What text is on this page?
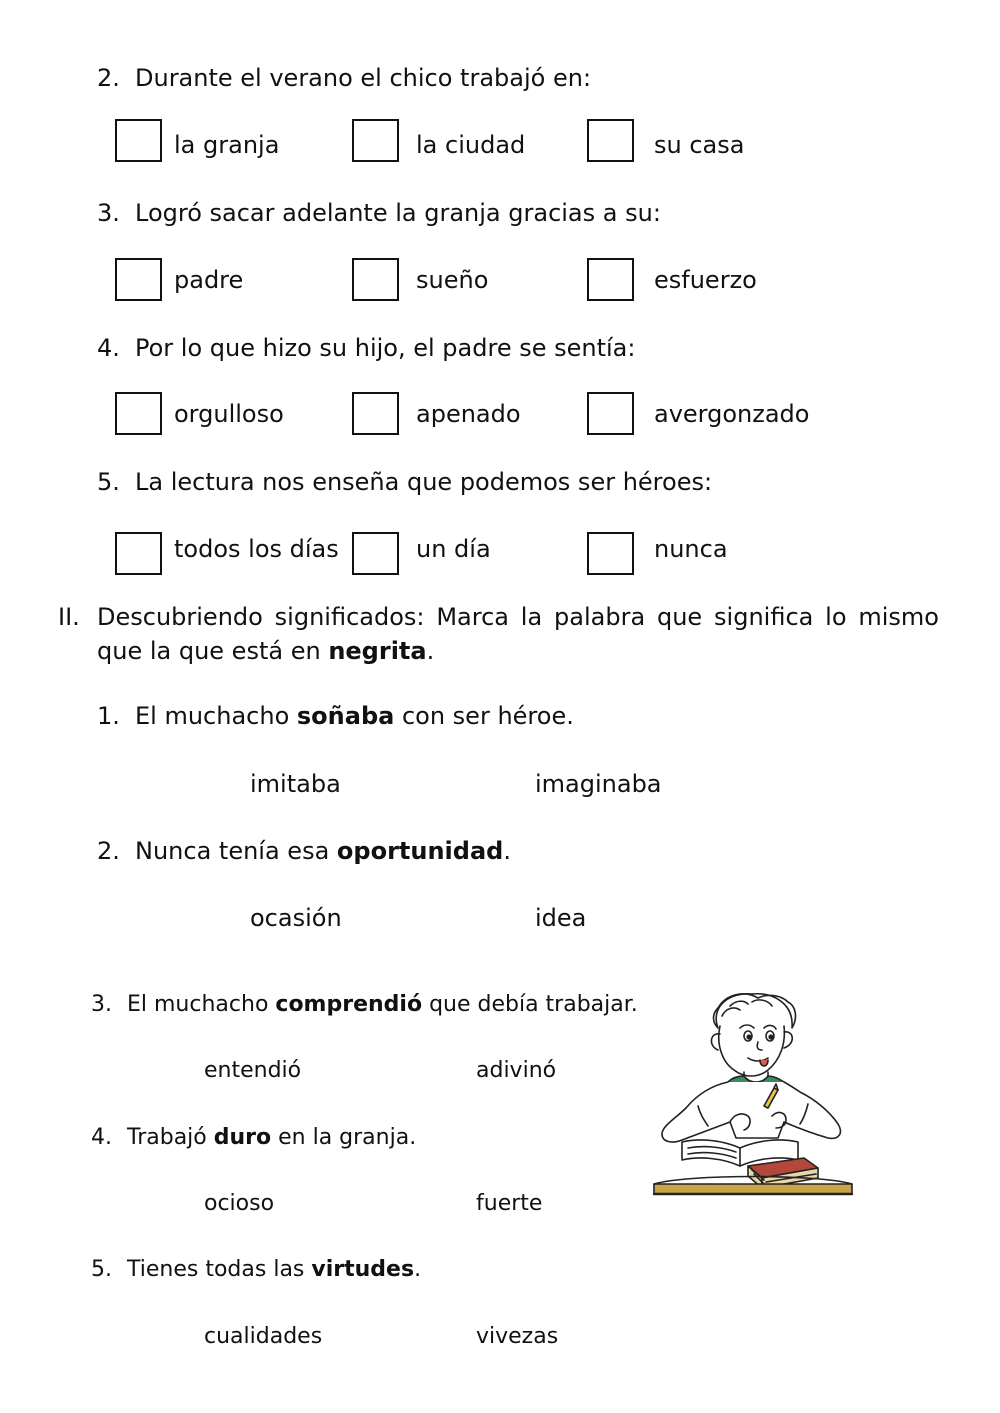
2. Durante el verano el chico trabajó en:
la granja	la ciudad	su casa
3. Logró sacar adelante la granja gracias a su:
padre	sueño	esfuerzo
4. Por lo que hizo su hijo, el padre se sentía:
orgulloso	apenado	avergonzado
5. La lectura nos enseña que podemos ser héroes:
todos los días	un día	nunca
II. Descubriendo significados: Marca la palabra que significa lo mismo que la que está en negrita.
1. El muchacho soñaba con ser héroe.
imitaba	imaginaba
2. Nunca tenía esa oportunidad.
ocasión	idea
3. El muchacho comprendió que debía trabajar.
entendió	adivinó
4. Trabajó duro en la granja.
ocioso	fuerte
5. Tienes todas las virtudes.
cualidades	vivezas
